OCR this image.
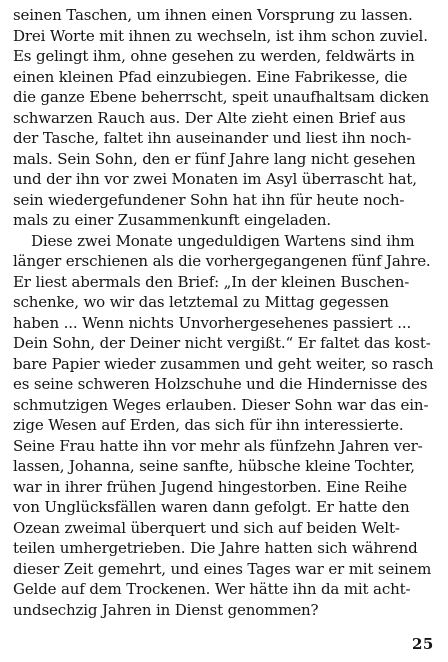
seinen Taschen, um ihnen einen Vorsprung zu lassen.
Drei Worte mit ihnen zu wechseln, ist ihm schon zuviel.
Es gelingt ihm, ohne gesehen zu werden, feldwärts in
einen kleinen Pfad einzubiegen. Eine Fabrikesse, die
die ganze Ebene beherrscht, speit unaufhaltsam dicken
schwarzen Rauch aus. Der Alte zieht einen Brief aus
der Tasche, faltet ihn auseinander und liest ihn noch-
mals. Sein Sohn, den er fünf Jahre lang nicht gesehen
und der ihn vor zwei Monaten im Asyl überrascht hat,
sein wiedergefundener Sohn hat ihn für heute noch-
mals zu einer Zusammenkunft eingeladen.
Diese zwei Monate ungeduldigen Wartens sind ihm
länger erschienen als die vorhergegangenen fünf Jahre.
Er liest abermals den Brief: „In der kleinen Buschen-
schenke, wo wir das letztemal zu Mittag gegessen
haben ... Wenn nichts Unvorhergesehenes passiert ...
Dein Sohn, der Deiner nicht vergißt.“ Er faltet das kost-
bare Papier wieder zusammen und geht weiter, so rasch
es seine schweren Holzschuhe und die Hindernisse des
schmutzigen Weges erlauben. Dieser Sohn war das ein-
zige Wesen auf Erden, das sich für ihn interessierte.
Seine Frau hatte ihn vor mehr als fünfzehn Jahren ver-
lassen, Johanna, seine sanfte, hübsche kleine Tochter,
war in ihrer frühen Jugend hingestorben. Eine Reihe
von Unglücksfällen waren dann gefolgt. Er hatte den
Ozean zweimal überquert und sich auf beiden Welt-
teilen umhergetrieben. Die Jahre hatten sich während
dieser Zeit gemehrt, und eines Tages war er mit seinem
Gelde auf dem Trockenen. Wer hätte ihn da mit acht-
undsechzig Jahren in Dienst genommen?
25
